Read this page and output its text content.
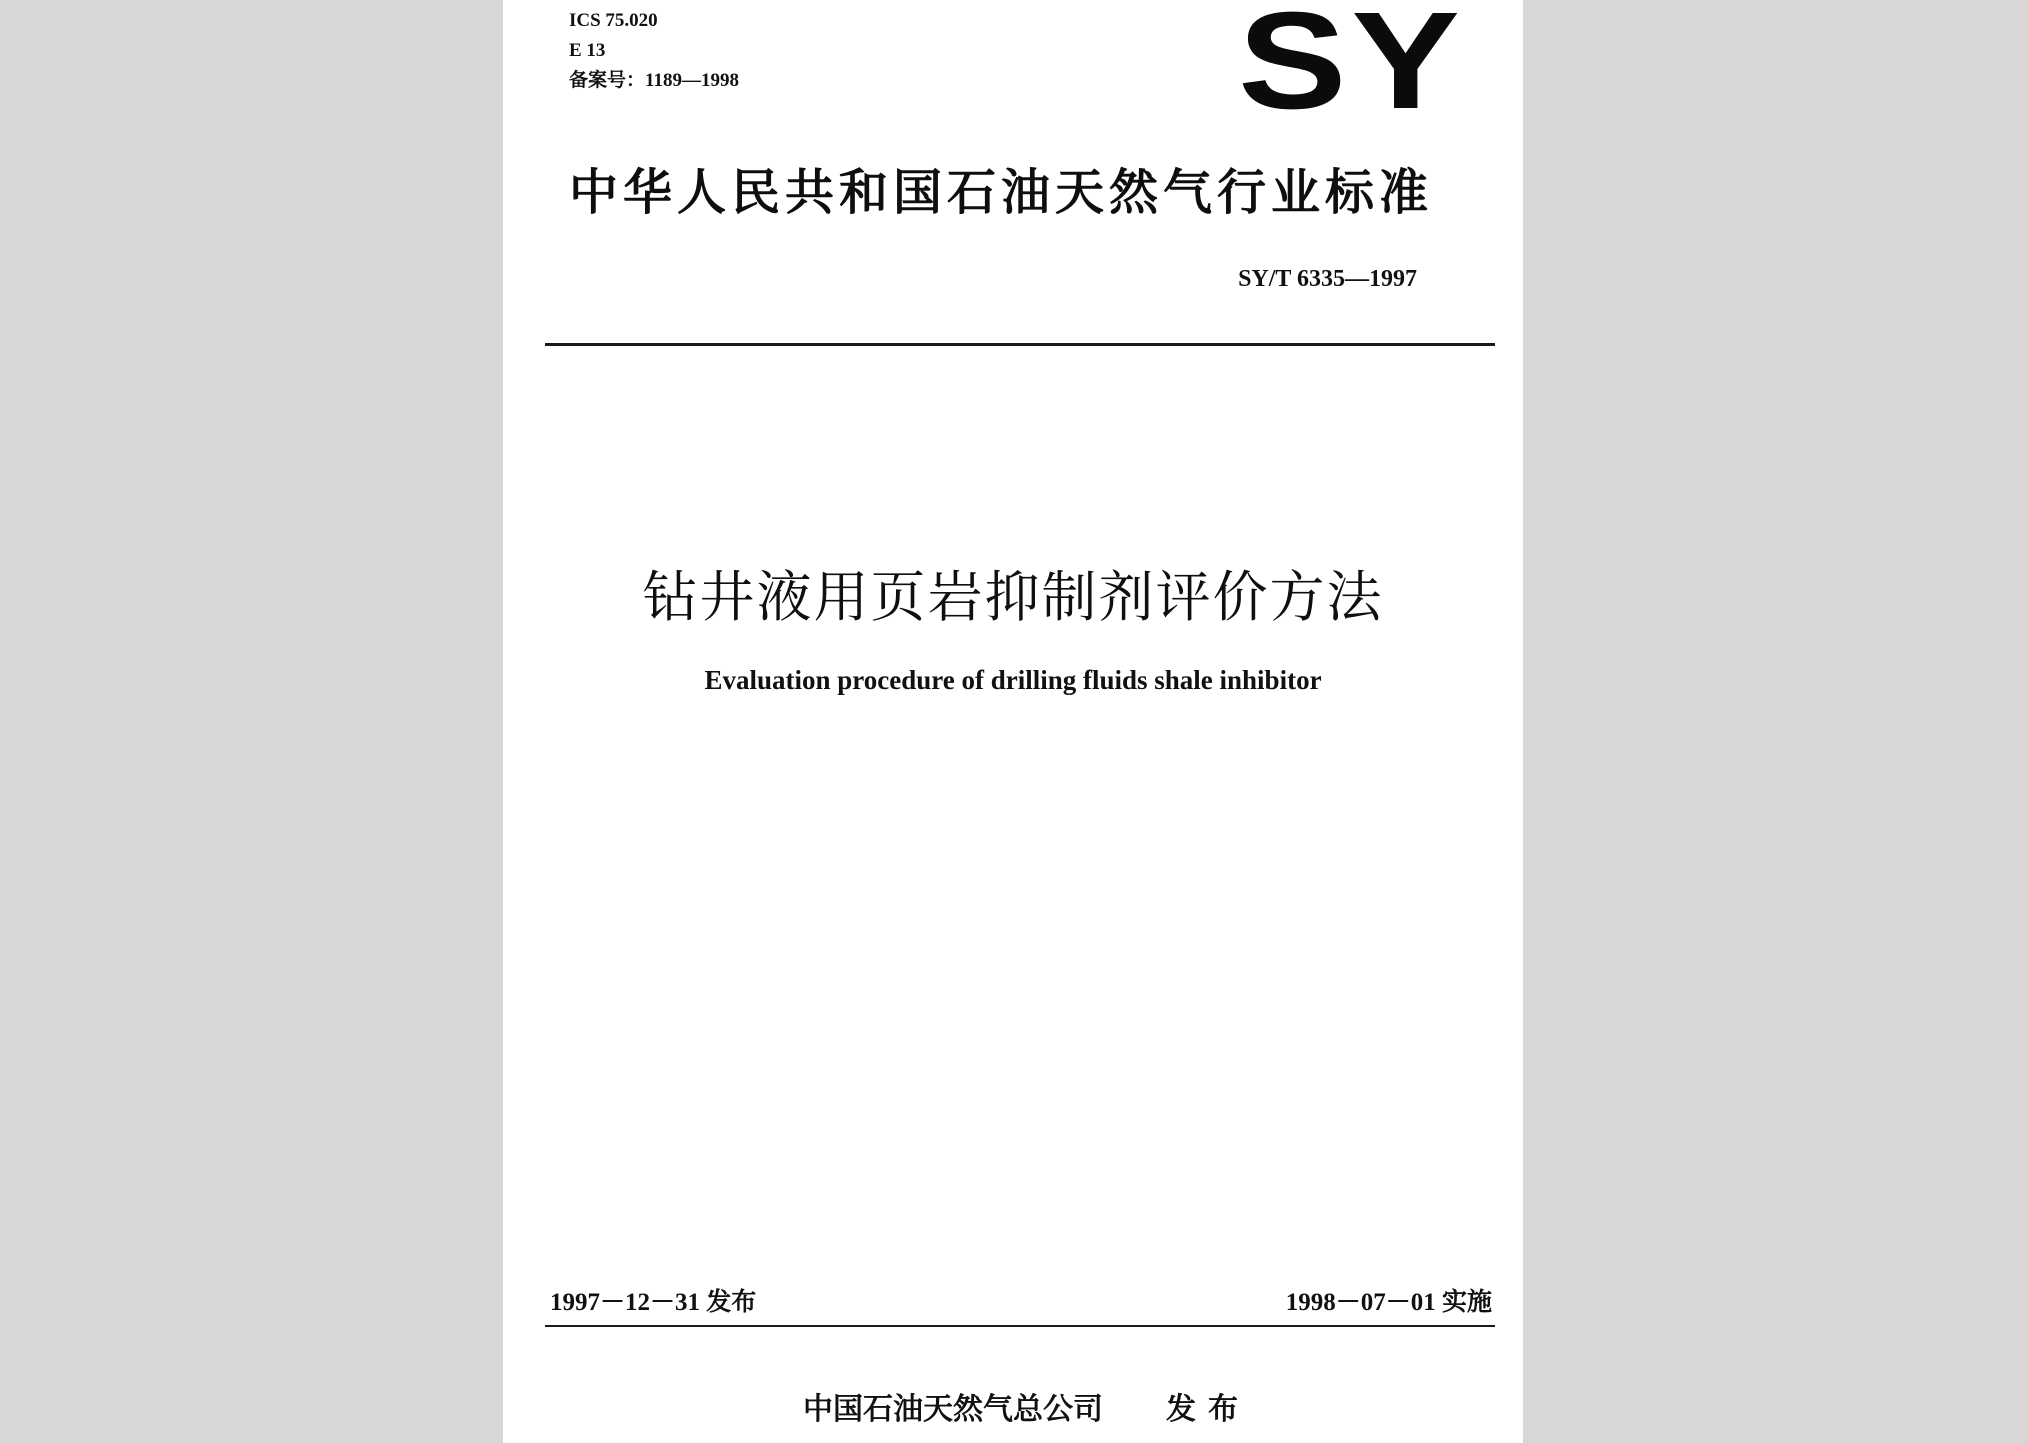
ICS 75.020
E 13
备案号：1189—1998	SY
中华人民共和国石油天然气行业标准
SY/T 6335—1997
钻井液用页岩抑制剂评价方法
Evaluation procedure of drilling fluids shale inhibitor
1997－12－31 发布	1998－07－01 实施
中国石油天然气总公司 发布
